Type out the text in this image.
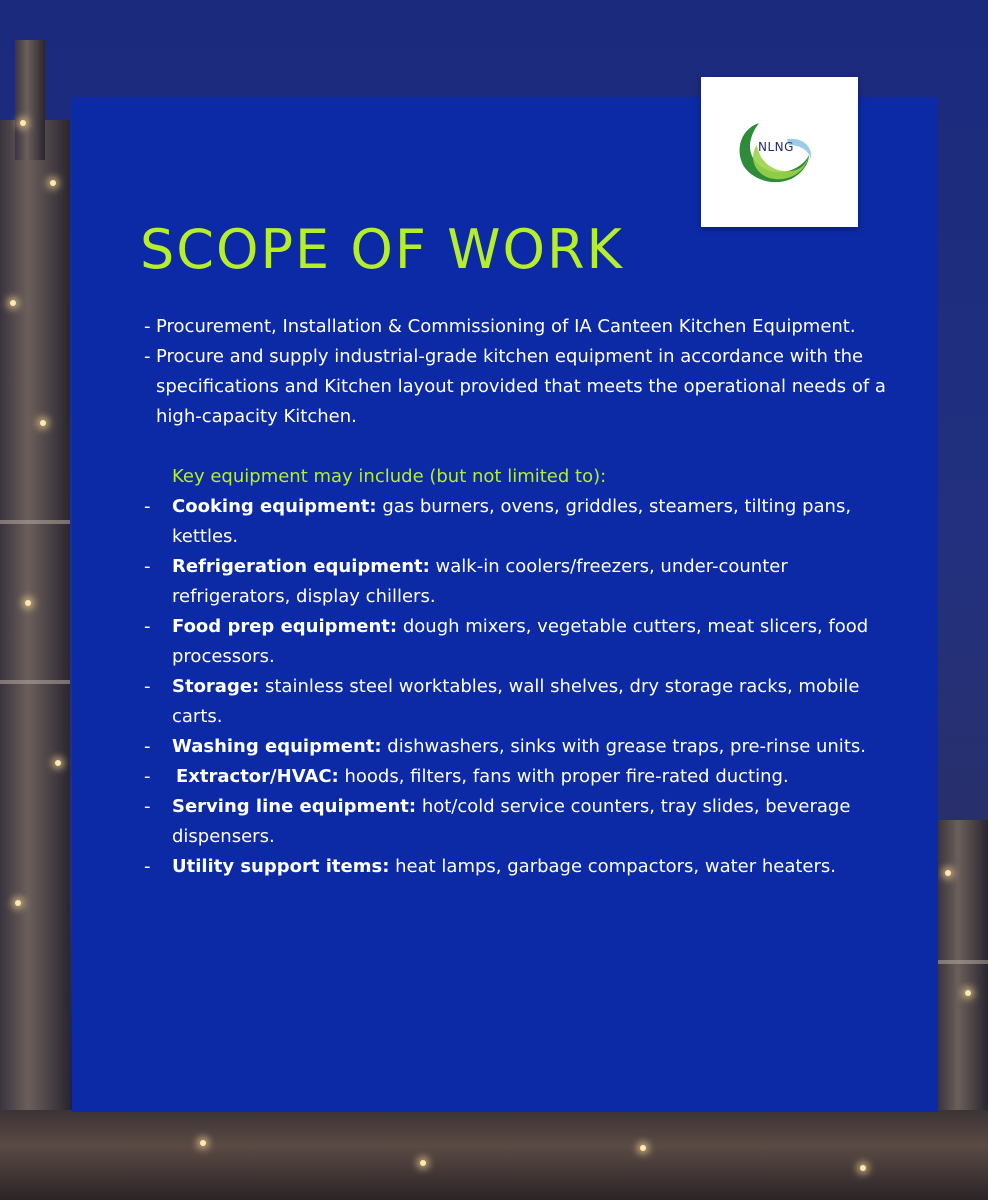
NLNG
SCOPE OF WORK
- Procurement, Installation & Commissioning of IA Canteen Kitchen Equipment.
- Procure and supply industrial-grade kitchen equipment in accordance with the specifications and Kitchen layout provided that meets the operational needs of a high-capacity Kitchen.
Key equipment may include (but not limited to):
- Cooking equipment: gas burners, ovens, griddles, steamers, tilting pans, kettles.
- Refrigeration equipment: walk-in coolers/freezers, under-counter refrigerators, display chillers.
- Food prep equipment: dough mixers, vegetable cutters, meat slicers, food processors.
- Storage: stainless steel worktables, wall shelves, dry storage racks, mobile carts.
- Washing equipment: dishwashers, sinks with grease traps, pre-rinse units.
- Extractor/HVAC: hoods, filters, fans with proper fire-rated ducting.
- Serving line equipment: hot/cold service counters, tray slides, beverage dispensers.
- Utility support items: heat lamps, garbage compactors, water heaters.
